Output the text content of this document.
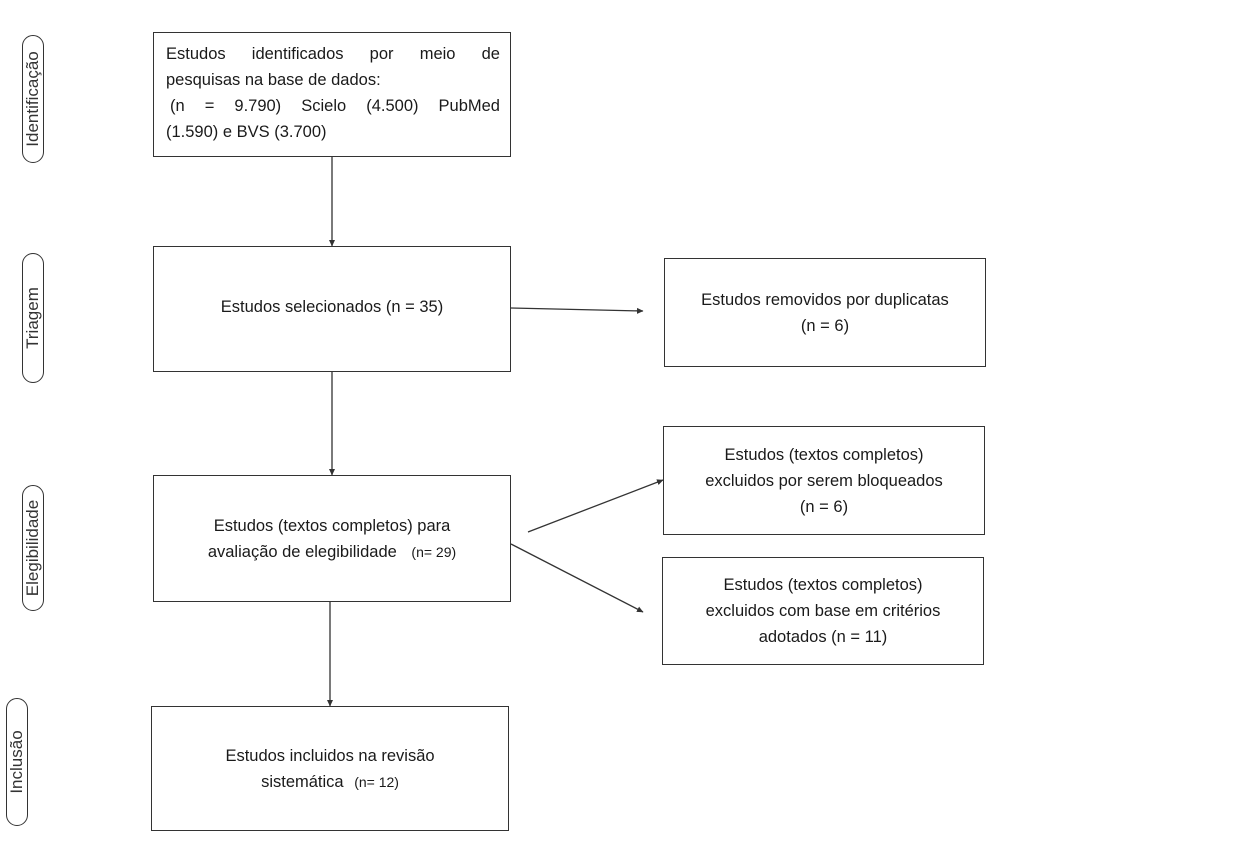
Identificação
Triagem
Elegibilidade
Inclusão
Estudos identificados por meio de
pesquisas na base de dados:
(n = 9.790) Scielo (4.500) PubMed
(1.590) e BVS (3.700)
Estudos selecionados (n = 35)	Estudos removidos por duplicatas
(n = 6)
Estudos (textos completos) para
avaliação de elegibilidade (n= 29)
Estudos (textos completos)
excluidos por serem bloqueados
(n = 6)
Estudos (textos completos)
excluidos com base em critérios
adotados (n = 11)
Estudos incluidos na revisão
sistemática (n= 12)
